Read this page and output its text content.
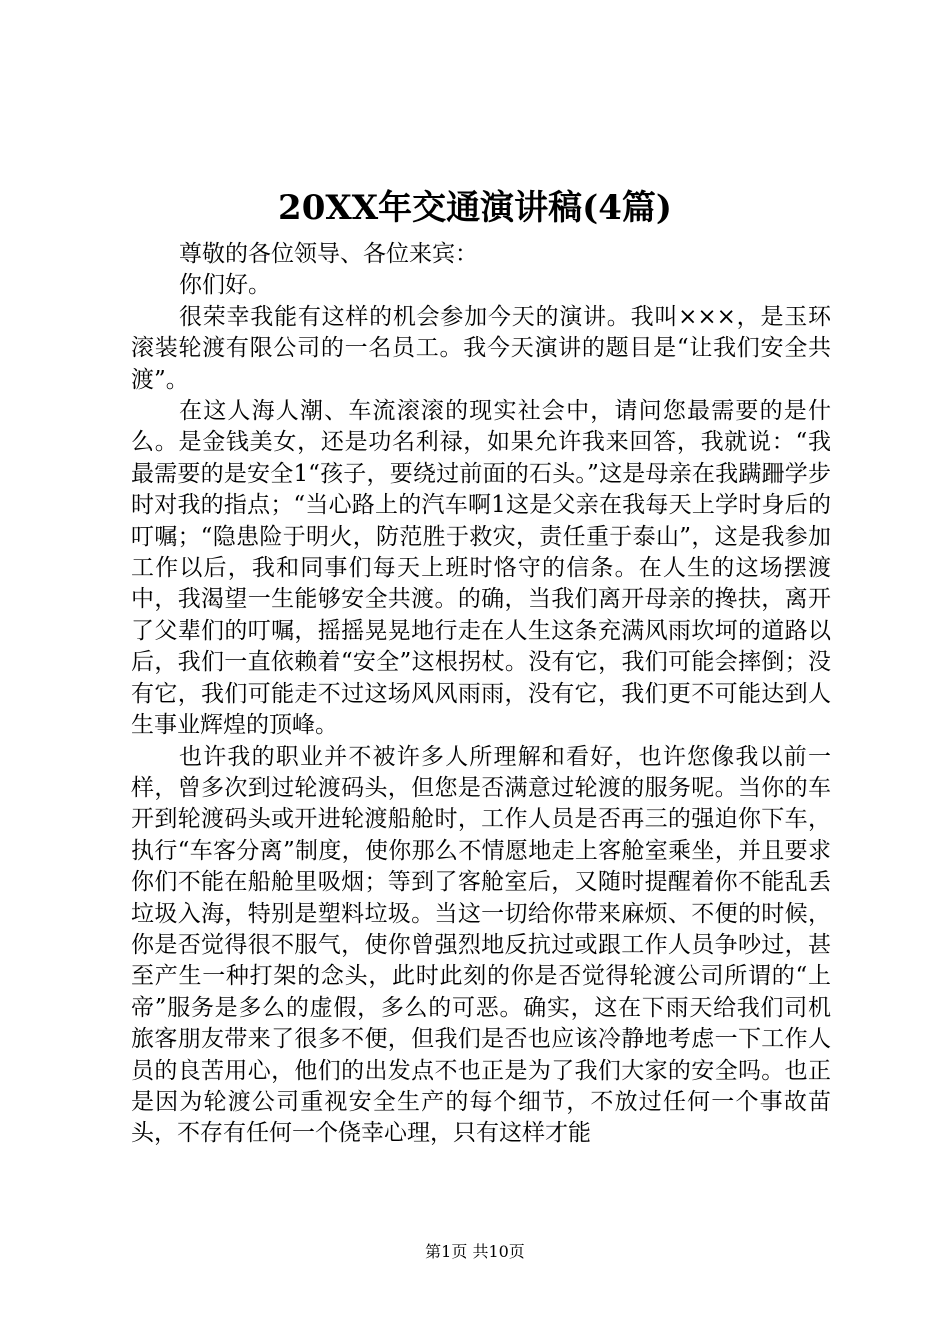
20XX年交通演讲稿(4篇)

尊敬的各位领导、各位来宾：

你们好。

很荣幸我能有这样的机会参加今天的演讲。我叫×××，是玉环滚装轮渡有限公司的一名员工。我今天演讲的题目是“让我们安全共渡”。

在这人海人潮、车流滚滚的现实社会中，请问您最需要的是什么。是金钱美女，还是功名利禄，如果允许我来回答，我就说：“我最需要的是安全1“孩子，要绕过前面的石头。”这是母亲在我蹒跚学步时对我的指点；“当心路上的汽车啊1这是父亲在我每天上学时身后的叮嘱；“隐患险于明火，防范胜于救灾，责任重于泰山”，这是我参加工作以后，我和同事们每天上班时恪守的信条。在人生的这场摆渡中，我渴望一生能够安全共渡。的确，当我们离开母亲的搀扶，离开了父辈们的叮嘱，摇摇晃晃地行走在人生这条充满风雨坎坷的道路以后，我们一直依赖着“安全”这根拐杖。没有它，我们可能会摔倒；没有它，我们可能走不过这场风风雨雨，没有它，我们更不可能达到人生事业辉煌的顶峰。

也许我的职业并不被许多人所理解和看好，也许您像我以前一样，曾多次到过轮渡码头，但您是否满意过轮渡的服务呢。当你的车开到轮渡码头或开进轮渡船舱时，工作人员是否再三的强迫你下车，执行“车客分离”制度，使你那么不情愿地走上客舱室乘坐，并且要求你们不能在船舱里吸烟；等到了客舱室后，又随时提醒着你不能乱丢垃圾入海，特别是塑料垃圾。当这一切给你带来麻烦、不便的时候，你是否觉得很不服气，使你曾强烈地反抗过或跟工作人员争吵过，甚至产生一种打架的念头，此时此刻的你是否觉得轮渡公司所谓的“上帝”服务是多么的虚假，多么的可恶。确实，这在下雨天给我们司机旅客朋友带来了很多不便，但我们是否也应该冷静地考虑一下工作人员的良苦用心，他们的出发点不也正是为了我们大家的安全吗。也正是因为轮渡公司重视安全生产的每个细节，不放过任何一个事故苗头，不存有任何一个侥幸心理，只有这样才能

第1页 共10页
